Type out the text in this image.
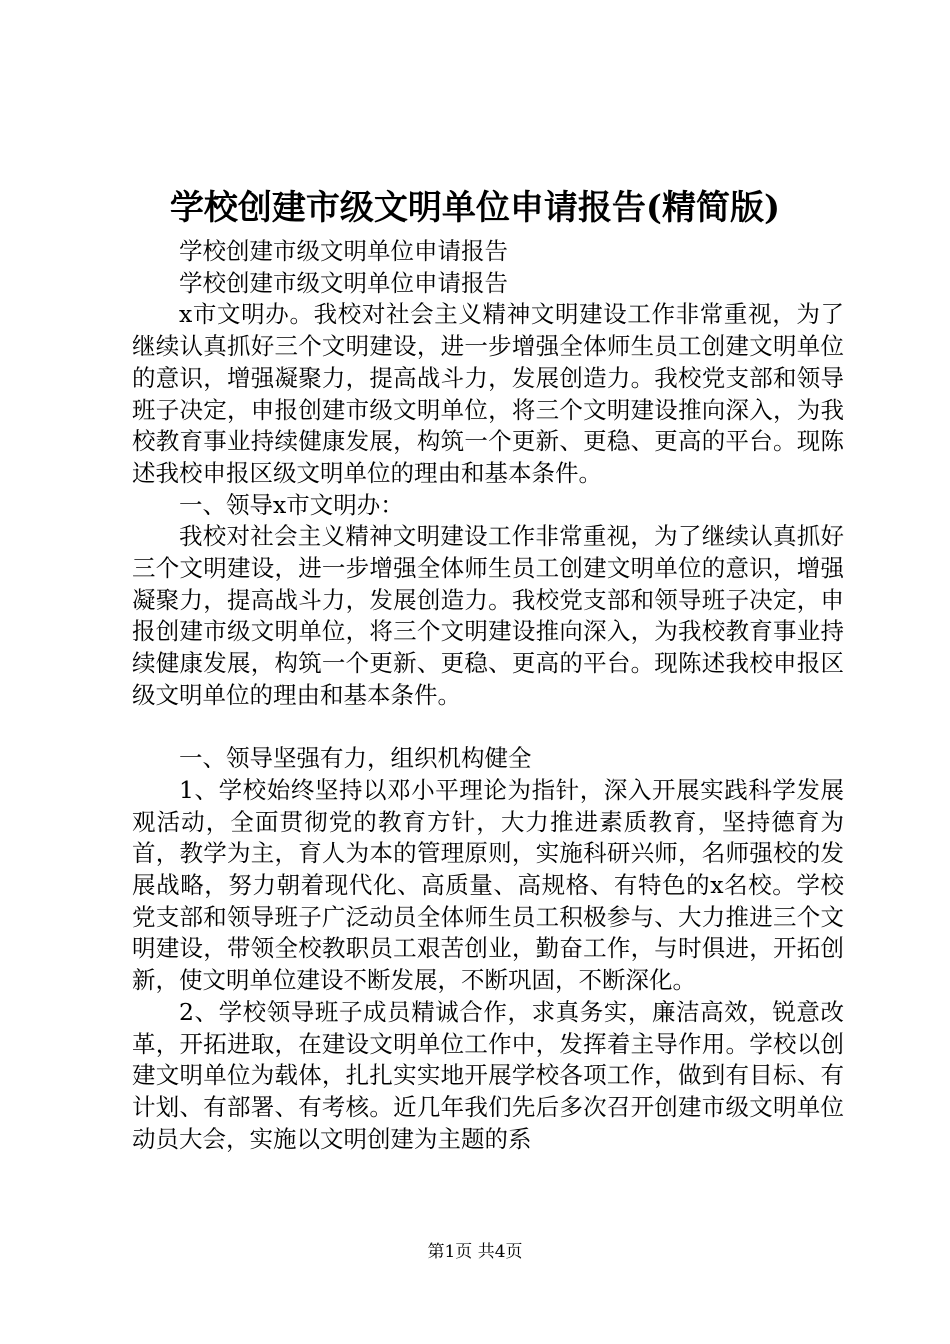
学校创建市级文明单位申请报告(精简版)

学校创建市级文明单位申请报告

学校创建市级文明单位申请报告

x市文明办。我校对社会主义精神文明建设工作非常重视，为了继续认真抓好三个文明建设，进一步增强全体师生员工创建文明单位的意识，增强凝聚力，提高战斗力，发展创造力。我校党支部和领导班子决定，申报创建市级文明单位，将三个文明建设推向深入，为我校教育事业持续健康发展，构筑一个更新、更稳、更高的平台。现陈述我校申报区级文明单位的理由和基本条件。

一、领导x市文明办：

我校对社会主义精神文明建设工作非常重视，为了继续认真抓好三个文明建设，进一步增强全体师生员工创建文明单位的意识，增强凝聚力，提高战斗力，发展创造力。我校党支部和领导班子决定，申报创建市级文明单位，将三个文明建设推向深入，为我校教育事业持续健康发展，构筑一个更新、更稳、更高的平台。现陈述我校申报区级文明单位的理由和基本条件。

一、领导坚强有力，组织机构健全

1、学校始终坚持以邓小平理论为指针，深入开展实践科学发展观活动，全面贯彻党的教育方针，大力推进素质教育，坚持德育为首，教学为主，育人为本的管理原则，实施科研兴师，名师强校的发展战略，努力朝着现代化、高质量、高规格、有特色的x名校。学校党支部和领导班子广泛动员全体师生员工积极参与、大力推进三个文明建设，带领全校教职员工艰苦创业，勤奋工作，与时俱进，开拓创新，使文明单位建设不断发展，不断巩固，不断深化。

2、学校领导班子成员精诚合作，求真务实，廉洁高效，锐意改革，开拓进取，在建设文明单位工作中，发挥着主导作用。学校以创建文明单位为载体，扎扎实实地开展学校各项工作，做到有目标、有计划、有部署、有考核。近几年我们先后多次召开创建市级文明单位动员大会，实施以文明创建为主题的系

第1页 共4页
